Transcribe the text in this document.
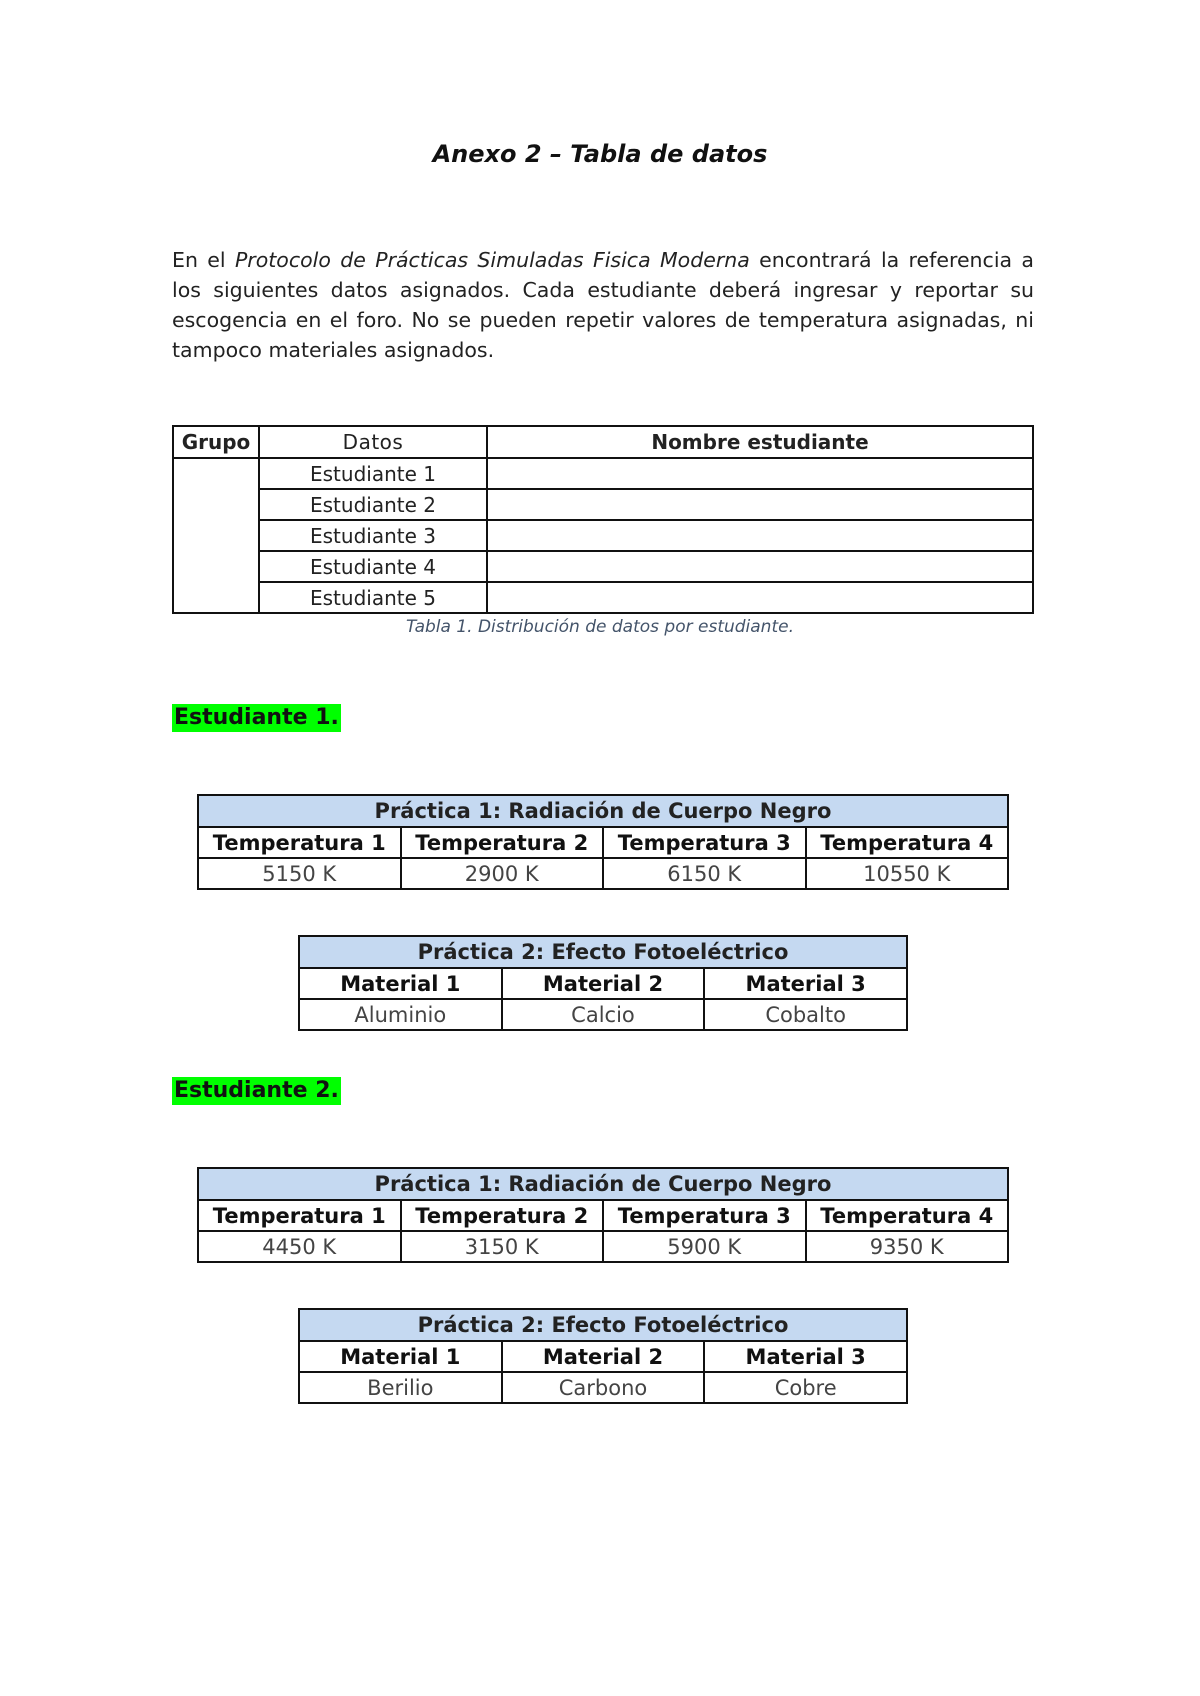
Anexo 2 – Tabla de datos
En el Protocolo de Prácticas Simuladas Fisica Moderna encontrará la referencia a los siguientes datos asignados. Cada estudiante deberá ingresar y reportar su escogencia en el foro. No se pueden repetir valores de temperatura asignadas, ni tampoco materiales asignados.
Grupo	Datos	Nombre estudiante
	Estudiante 1	
	Estudiante 2	
	Estudiante 3	
	Estudiante 4	
	Estudiante 5	
Tabla 1. Distribución de datos por estudiante.
Estudiante 1.
Práctica 1: Radiación de Cuerpo Negro			
Temperatura 1	Temperatura 2	Temperatura 3	Temperatura 4
5150 K	2900 K	6150 K	10550 K
Práctica 2: Efecto Fotoeléctrico		
Material 1	Material 2	Material 3
Aluminio	Calcio	Cobalto
Estudiante 2.
Práctica 1: Radiación de Cuerpo Negro			
Temperatura 1	Temperatura 2	Temperatura 3	Temperatura 4
4450 K	3150 K	5900 K	9350 K
Práctica 2: Efecto Fotoeléctrico		
Material 1	Material 2	Material 3
Berilio	Carbono	Cobre
